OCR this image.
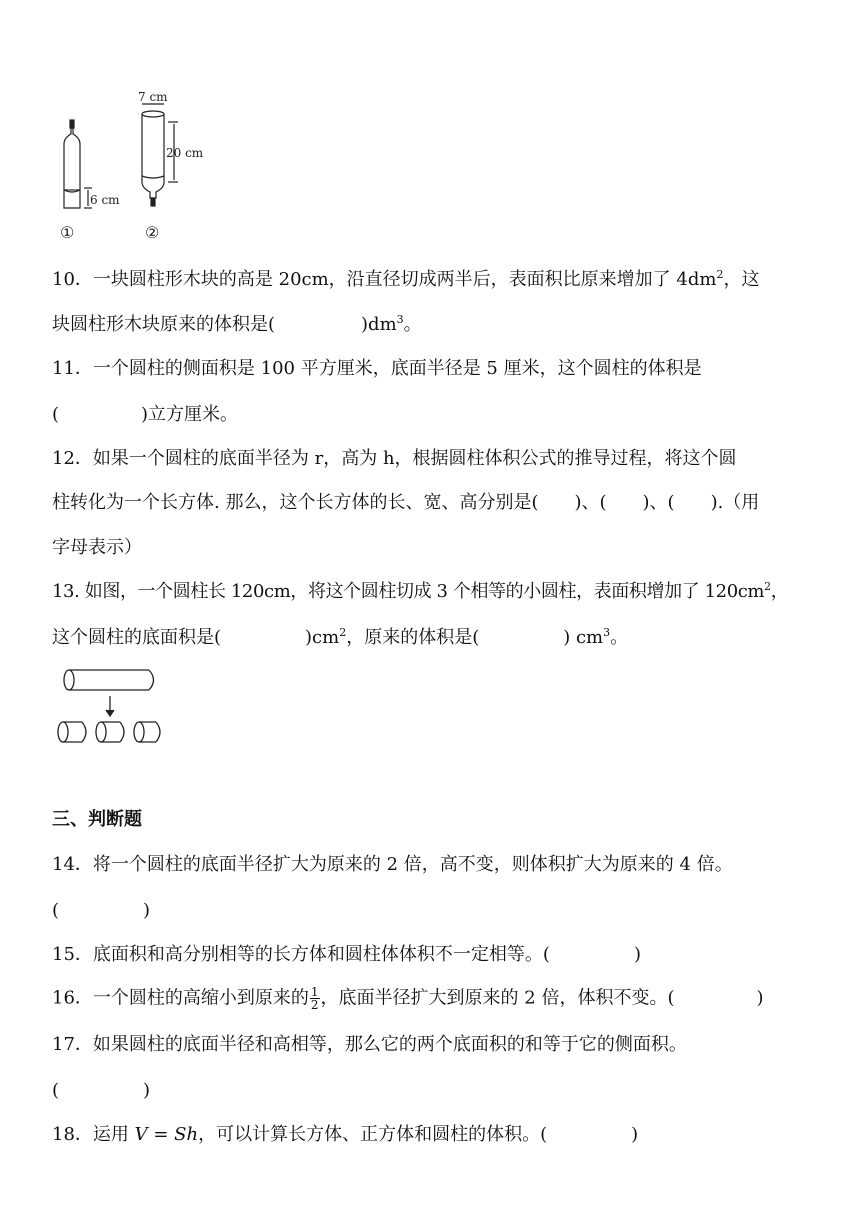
6 cm
①
7 cm
20 cm
②
10．一块圆柱形木块的高是 20cm，沿直径切成两半后，表面积比原来增加了 $4dm^2$，这
块圆柱形木块原来的体积是(	)$dm^3$。
11．一个圆柱的侧面积是 100 平方厘米，底面半径是 5 厘米，这个圆柱的体积是
(	)立方厘米。
12．如果一个圆柱的底面半径为 r，高为 h，根据圆柱体积公式的推导过程，将这个圆
柱转化为一个长方体. 那么，这个长方体的长、宽、高分别是( )、( )、( ).（用
字母表示）
13. 如图，一个圆柱长 120cm，将这个圆柱切成 3 个相等的小圆柱，表面积增加了 $120cm^2$，
这个圆柱的底面积是(	)$cm^2$，原来的体积是(	) $cm^3$。
三、判断题
14．将一个圆柱的底面半径扩大为原来的 2 倍，高不变，则体积扩大为原来的 4 倍。
(	)
15．底面积和高分别相等的长方体和圆柱体体积不一定相等。(	)
16．一个圆柱的高缩小到原来的 $\frac{1}{2}$ ，底面半径扩大到原来的 2 倍，体积不变。(	)
17．如果圆柱的底面半径和高相等，那么它的两个底面积的和等于它的侧面积。
(	)
18．运用 V = Sh，可以计算长方体、正方体和圆柱的体积。(	)
